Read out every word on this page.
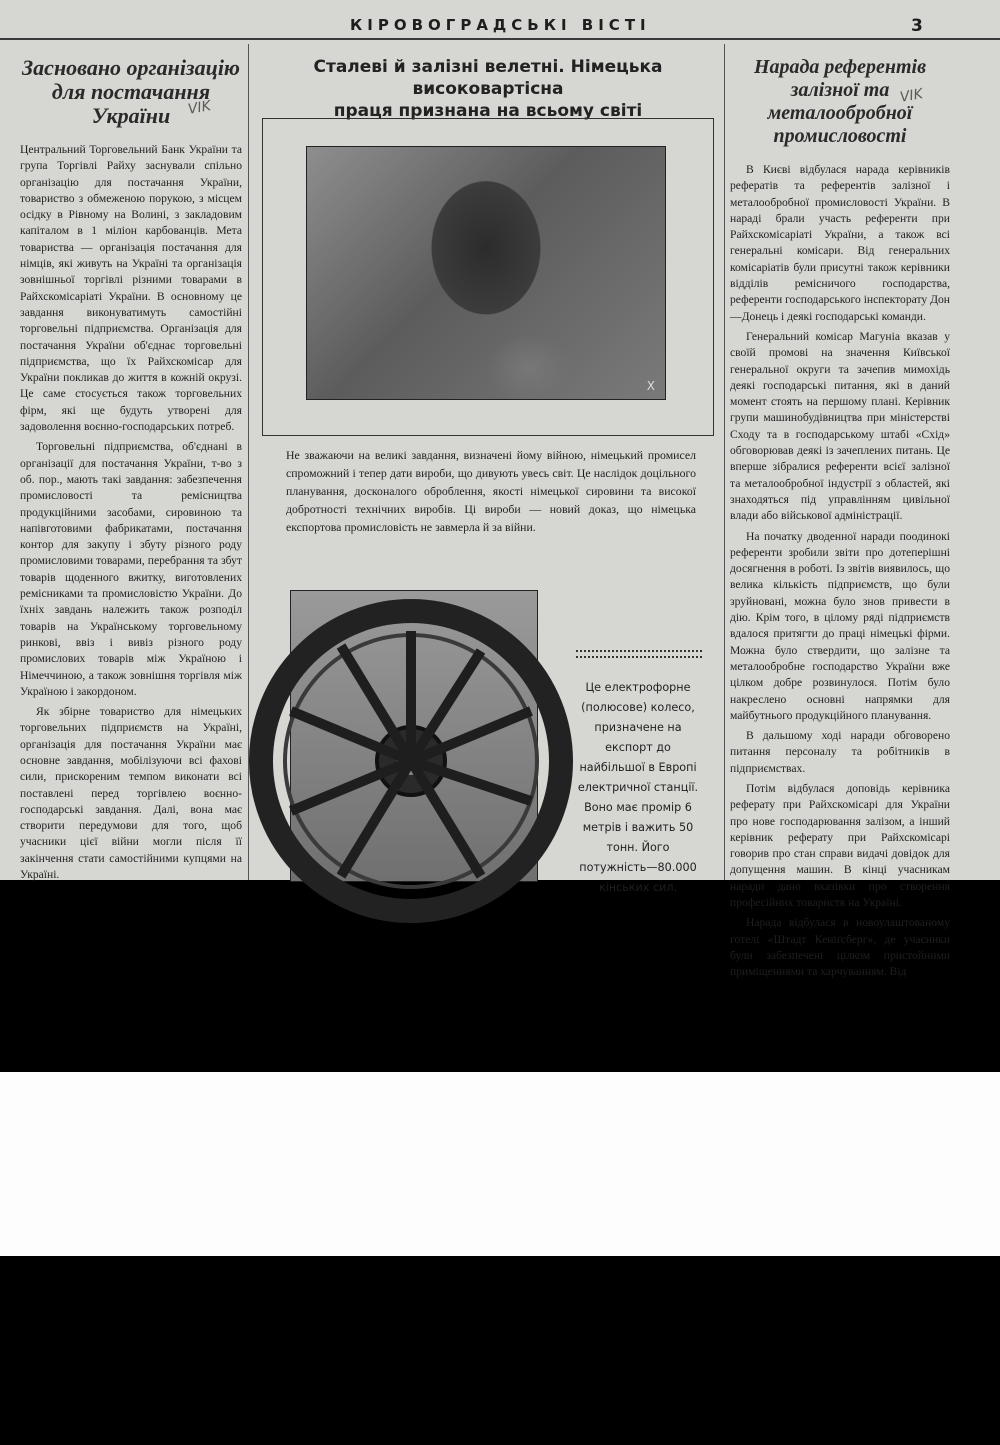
КІРОВОГРАДСЬКІ ВІСТІ	3
Засновано організацію для постачання України

Центральний Торговельний Банк України та група Торгівлі Райху заснували спільно організацію для постачання України, товариство з обмеженою порукою, з місцем осідку в Рівному на Волині, з закладовим капіталом в 1 міліон карбованців. Мета товариства — організація постачання для німців, які живуть на Україні та організація зовнішньої торгівлі різними товарами в Райхскомісаріаті України. В основному це завдання виконуватимуть самостійні торговельні підприємства. Організація для постачання України об'єднає торговельні підприємства, що їх Райхскомісар для України покликав до життя в кожній окрузі. Це саме стосується також торговельних фірм, які ще будуть утворені для задоволення воєнно-господарських потреб.

Торговельні підприємства, об'єднані в організації для постачання України, т-во з об. пор., мають такі завдання: забезпечення промисловості та ремісництва продукційними засобами, сировиною та напівготовими фабрикатами, постачання контор для закупу і збуту різного роду промисловими товарами, перебрання та збут товарів щоденного вжитку, виготовлених ремісниками та промисловістю України. До їхніх завдань належить також розподіл товарів на Українському торговельному ринкові, ввіз і вивіз різного роду промислових товарів між Україною і Німеччиною, а також зовнішня торгівля між Україною і закордоном.

Як збірне товариство для німецьких торговельних підприємств на Україні, організація для постачання України має основне завдання, мобілізуючи всі фахові сили, прискореним темпом виконати всі поставлені перед торгівлею воєнно-господарські завдання. Далі, вона має створити передумови для того, щоб учасники цієї війни могли після її закінчення стати самостійними купцями на Україні.

VIK
Сталеві й залізні велетні. Німецька високовартісна
праця признана на всьому світі
X
Не зважаючи на великі завдання, визначені йому війною, німецький промисел спроможний і тепер дати вироби, що дивують увесь світ. Це наслідок доцільного планування, досконалого оброблення, якості німецької сировини та високої добротності технічних виробів. Ці вироби — новий доказ, що німецька експортова промисловість не завмерла й за війни.
Це електрофорне (полюсове) колесо, призначене на експорт до найбільшої в Европі електричної станції. Воно має промір 6 метрів і важить 50 тонн. Його потужність—80.000 кінських сил.
Нарада референтів залізної та металообробної промисловості

В Києві відбулася нарада керівників рефератів та референтів залізної і металообробної промисловості України. В нараді брали участь референти при Райхскомісаріаті України, а також всі генеральні комісари. Від генеральних комісаріатів були присутні також керівники відділів ремісничого господарства, референти господарського інспекторату Дон—Донець і деякі господарські команди.

Генеральний комісар Магуніа вказав у своїй промові на значення Київської генеральної округи та зачепив мимохідь деякі господарські питання, які в даний момент стоять на першому плані. Керівник групи машинобудівництва при міністерстві Сходу та в господарському штабі «Схід» обговорював деякі із зачеплених питань. Це вперше зібралися референти всієї залізної та металообробної індустрії з областей, які знаходяться під управлінням цивільної влади або військової адміністрації.

На початку дводенної наради поодинокі референти зробили звіти про дотеперішні досягнення в роботі. Із звітів виявилось, що велика кількість підприємств, що були зруйновані, можна було знов привести в дію. Крім того, в цілому ряді підприємств вдалося притягти до праці німецькі фірми. Можна було ствердити, що залізне та металообробне господарство України вже цілком добре розвинулося. Потім було накреслено основні напрямки для майбутнього продукційного планування.

В дальшому ході наради обговорено питання персоналу та робітників в підприємствах.

Потім відбулася доповідь керівника реферату при Райхскомісарі для України про нове господарювання залізом, а інший керівник реферату при Райхскомісарі говорив про стан справи видачі довідок для допущення машин. В кінці учасникам наради дано вказівки про створення професійних товариств на Україні.

Нарада відбулася в новоулаштованому готелі «Штадт Кеніґсберг», де учасники були забезпечені цілком пристойними приміщеннями та харчуванням. Від

VIK
